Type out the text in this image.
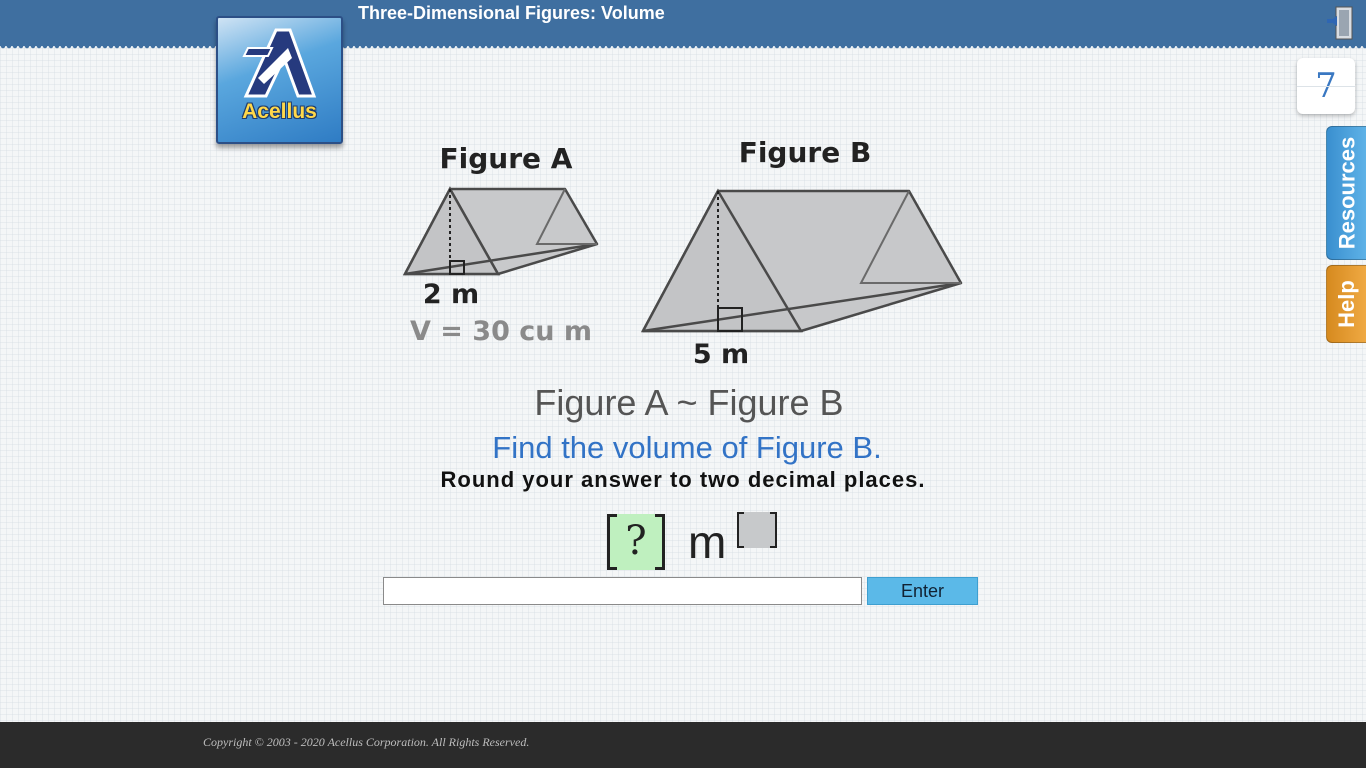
Three-Dimensional Figures: Volume
Acellus
7
Resources
Help
Figure A
2 m
V = 30 cu m
Figure B
5 m
Figure A ~ Figure B
Find the volume of Figure B.
Round your answer to two decimal places.
? m
Enter
Copyright © 2003 - 2020 Acellus Corporation. All Rights Reserved.
